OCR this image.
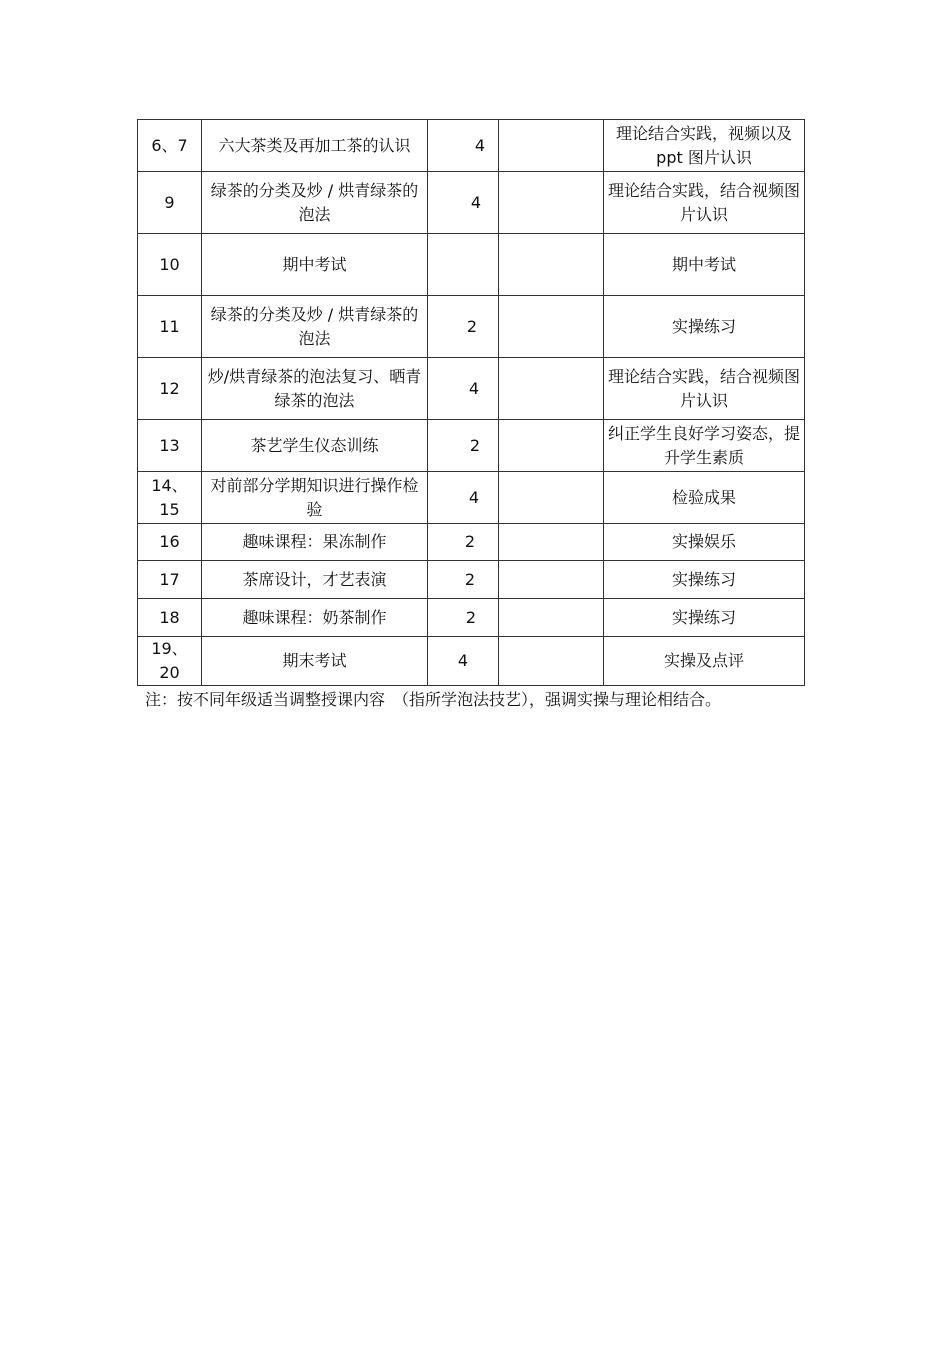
6、7	六大茶类及再加工茶的认识	4		理论结合实践，视频以及 ppt 图片认识
9	绿茶的分类及炒 / 烘青绿茶的泡法	4		理论结合实践，结合视频图片认识
10	期中考试			期中考试
11	绿茶的分类及炒 / 烘青绿茶的泡法	2		实操练习
12	炒/烘青绿茶的泡法复习、晒青绿茶的泡法	4		理论结合实践，结合视频图片认识
13	茶艺学生仪态训练	2		纠正学生良好学习姿态，提升学生素质
14、15	对前部分学期知识进行操作检验	4		检验成果
16	趣味课程：果冻制作	2		实操娱乐
17	茶席设计，才艺表演	2		实操练习
18	趣味课程：奶茶制作	2		实操练习
19、20	期末考试	4		实操及点评
注：按不同年级适当调整授课内容　（指所学泡法技艺），强调实操与理论相结合。
